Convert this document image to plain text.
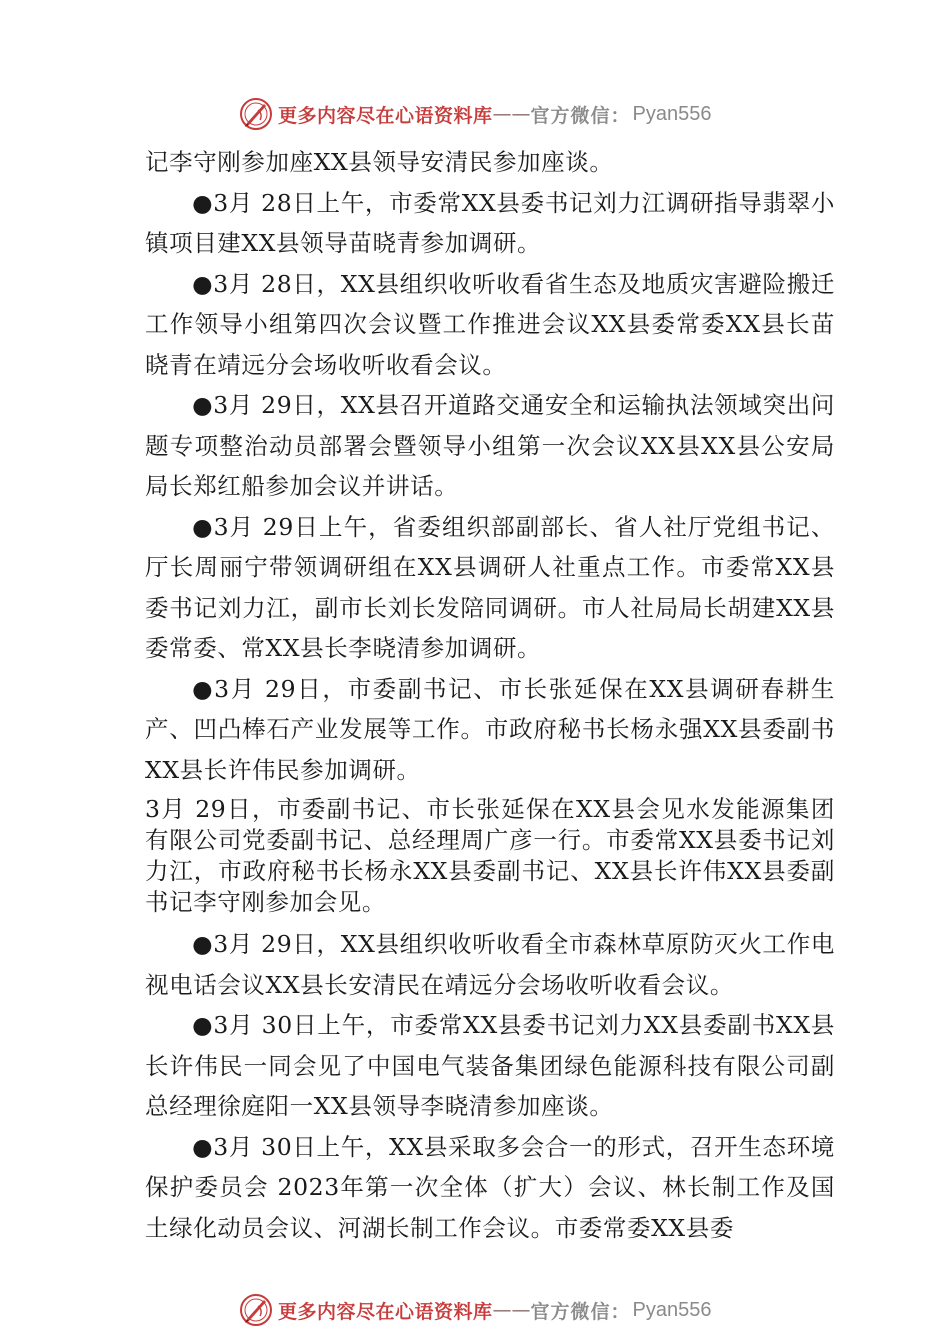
更多内容尽在心语资料库 —— 官方微信： Pyan556

记李守刚参加座XX县领导安清民参加座谈。

●3月 28日上午，市委常XX县委书记刘力江调研指导翡翠小镇项目建XX县领导苗晓青参加调研。

●3月 28日，XX县组织收听收看省生态及地质灾害避险搬迁工作领导小组第四次会议暨工作推进会议XX县委常委XX县长苗晓青在靖远分会场收听收看会议。

●3月 29日，XX县召开道路交通安全和运输执法领域突出问题专项整治动员部署会暨领导小组第一次会议XX县XX县公安局局长郑红船参加会议并讲话。

●3月 29日上午，省委组织部副部长、省人社厅党组书记、厅长周丽宁带领调研组在XX县调研人社重点工作。市委常XX县委书记刘力江，副市长刘长发陪同调研。市人社局局长胡建XX县委常委、常XX县长李晓清参加调研。

●3月 29日，市委副书记、市长张延保在XX县调研春耕生产、凹凸棒石产业发展等工作。市政府秘书长杨永强XX县委副书XX县长许伟民参加调研。

3月 29日，市委副书记、市长张延保在XX县会见水发能源集团有限公司党委副书记、总经理周广彦一行。市委常XX县委书记刘力江，市政府秘书长杨永XX县委副书记、XX县长许伟XX县委副书记李守刚参加会见。

●3月 29日，XX县组织收听收看全市森林草原防灭火工作电视电话会议XX县长安清民在靖远分会场收听收看会议。

●3月 30日上午，市委常XX县委书记刘力XX县委副书XX县长许伟民一同会见了中国电气装备集团绿色能源科技有限公司副总经理徐庭阳一XX县领导李晓清参加座谈。

●3月 30日上午，XX县采取多会合一的形式，召开生态环境保护委员会 2023年第一次全体（扩大）会议、林长制工作及国土绿化动员会议、河湖长制工作会议。市委常委XX县委

更多内容尽在心语资料库 —— 官方微信： Pyan556
